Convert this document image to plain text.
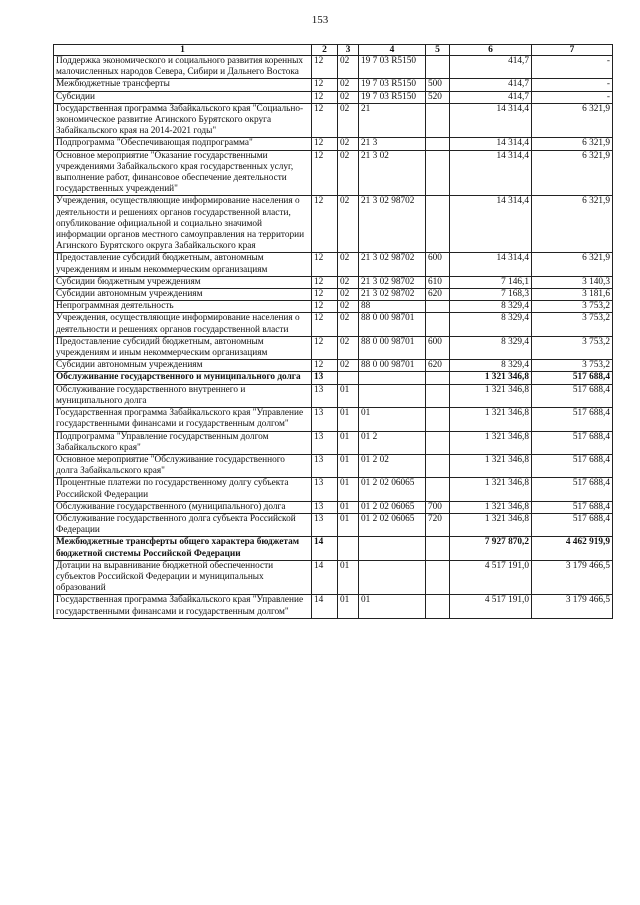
153
1	2	3	4	5	6	7
Поддержка экономического и социального развития коренных малочисленных народов Севера, Сибири и Дальнего Востока	12	02	19 7 03 R5150		414,7	-
Межбюджетные трансферты	12	02	19 7 03 R5150	500	414,7	-
Субсидии	12	02	19 7 03 R5150	520	414,7	-
Государственная программа Забайкальского края "Социально-экономическое развитие Агинского Бурятского округа Забайкальского края на 2014-2021 годы"	12	02	21		14 314,4	6 321,9
Подпрограмма "Обеспечивающая подпрограмма"	12	02	21 3		14 314,4	6 321,9
Основное мероприятие "Оказание государственными учреждениями Забайкальского края государственных услуг, выполнение работ, финансовое обеспечение деятельности государственных учреждений"	12	02	21 3 02		14 314,4	6 321,9
Учреждения, осуществляющие информирование населения о деятельности и решениях органов государственной власти, опубликование официальной и социально значимой информации органов местного самоуправления на территории Агинского Бурятского округа Забайкальского края	12	02	21 3 02 98702		14 314,4	6 321,9
Предоставление субсидий бюджетным, автономным учреждениям и иным некоммерческим организациям	12	02	21 3 02 98702	600	14 314,4	6 321,9
Субсидии бюджетным учреждениям	12	02	21 3 02 98702	610	7 146,1	3 140,3
Субсидии автономным учреждениям	12	02	21 3 02 98702	620	7 168,3	3 181,6
Непрограммная деятельность	12	02	88		8 329,4	3 753,2
Учреждения, осуществляющие информирование населения о деятельности и решениях органов государственной власти	12	02	88 0 00 98701		8 329,4	3 753,2
Предоставление субсидий бюджетным, автономным учреждениям и иным некоммерческим организациям	12	02	88 0 00 98701	600	8 329,4	3 753,2
Субсидии автономным учреждениям	12	02	88 0 00 98701	620	8 329,4	3 753,2
Обслуживание государственного и муниципального долга	13				1 321 346,8	517 688,4
Обслуживание государственного внутреннего и муниципального долга	13	01			1 321 346,8	517 688,4
Государственная программа Забайкальского края "Управление государственными финансами и государственным долгом"	13	01	01		1 321 346,8	517 688,4
Подпрограмма "Управление государственным долгом Забайкальского края"	13	01	01 2		1 321 346,8	517 688,4
Основное мероприятие "Обслуживание государственного долга Забайкальского края"	13	01	01 2 02		1 321 346,8	517 688,4
Процентные платежи по государственному долгу субъекта Российской Федерации	13	01	01 2 02 06065		1 321 346,8	517 688,4
Обслуживание государственного (муниципального) долга	13	01	01 2 02 06065	700	1 321 346,8	517 688,4
Обслуживание государственного долга субъекта Российской Федерации	13	01	01 2 02 06065	720	1 321 346,8	517 688,4
Межбюджетные трансферты общего характера бюджетам бюджетной системы Российской Федерации	14				7 927 870,2	4 462 919,9
Дотации на выравнивание бюджетной обеспеченности субъектов Российской Федерации и муниципальных образований	14	01			4 517 191,0	3 179 466,5
Государственная программа Забайкальского края "Управление государственными финансами и государственным долгом"	14	01	01		4 517 191,0	3 179 466,5
